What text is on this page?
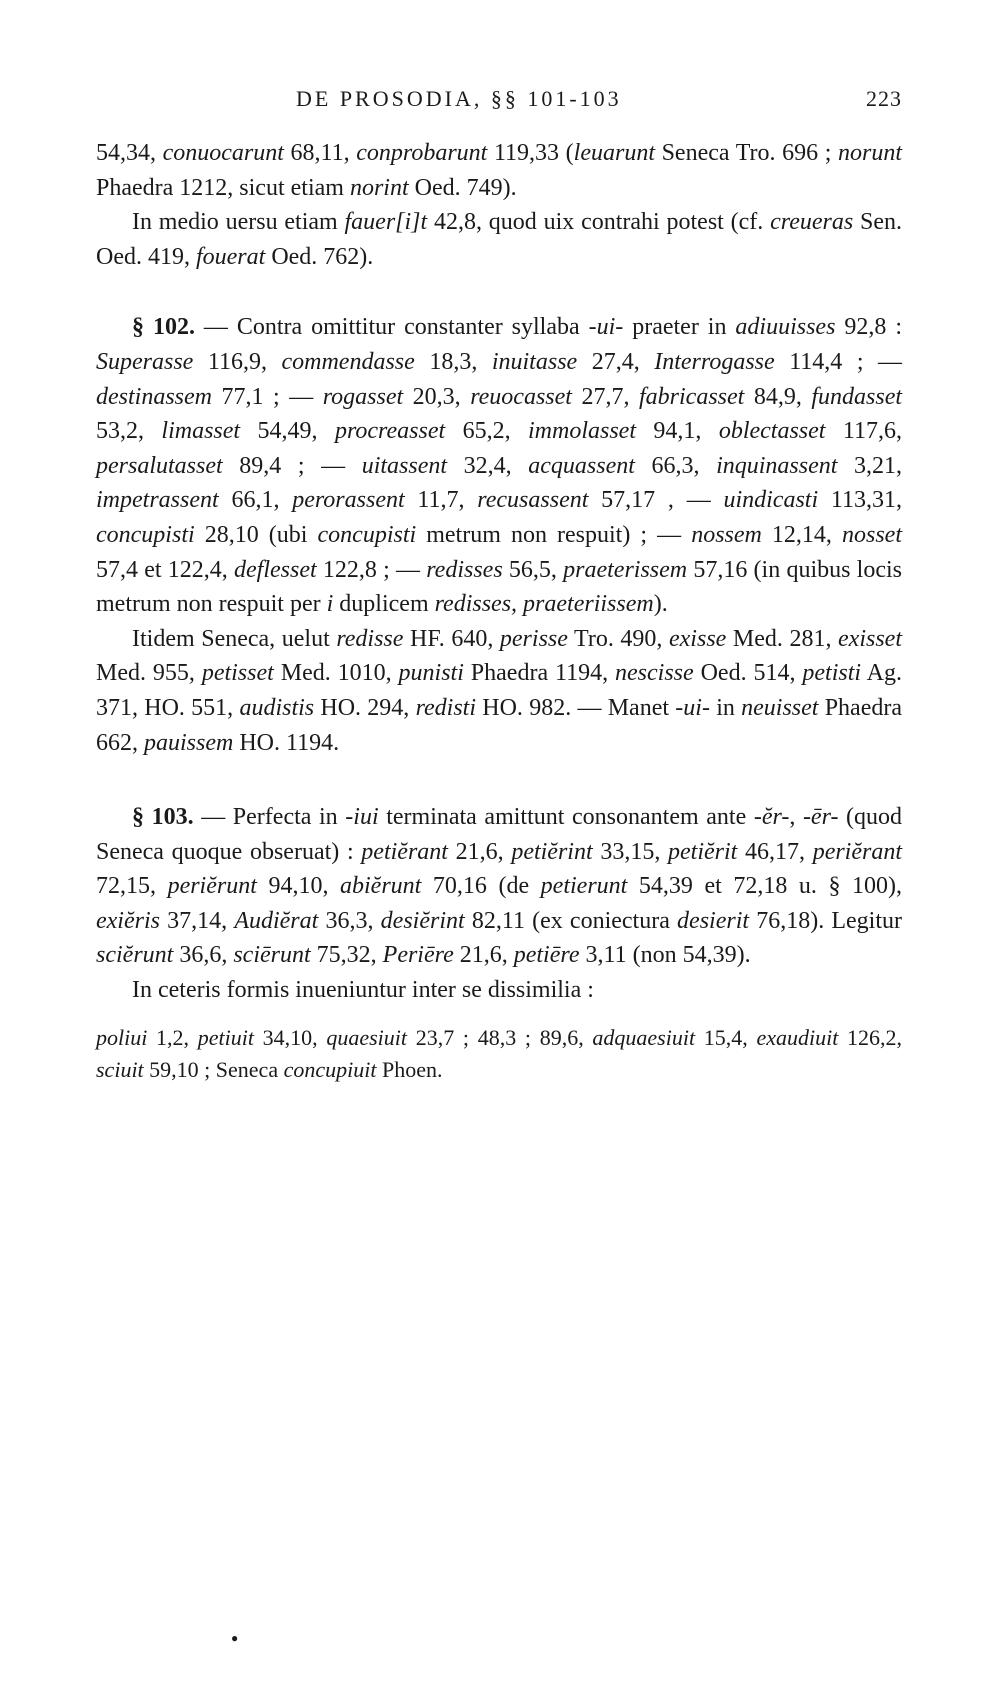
DE PROSODIA, §§ 101-103	223

54,34, conuocarunt 68,11, conprobarunt 119,33 (leuarunt Seneca Tro. 696 ; norunt Phaedra 1212, sicut etiam norint Oed. 749).

In medio uersu etiam fauer[i]t 42,8, quod uix contrahi potest (cf. creueras Sen. Oed. 419, fouerat Oed. 762).

§ 102. — Contra omittitur constanter syllaba -ui- praeter in adiuuisses 92,8 : Superasse 116,9, commendasse 18,3, inuitasse 27,4, Interrogasse 114,4 ; — destinassem 77,1 ; — rogasset 20,3, reuocasset 27,7, fabricasset 84,9, fundasset 53,2, limasset 54,49, procreasset 65,2, immolasset 94,1, oblectasset 117,6, persalutasset 89,4 ; — uitassent 32,4, acquassent 66,3, inquinassent 3,21, impetrassent 66,1, perorassent 11,7, recusassent 57,17 , — uindicasti 113,31, concupisti 28,10 (ubi concupisti metrum non respuit) ; — nossem 12,14, nosset 57,4 et 122,4, deflesset 122,8 ; — redisses 56,5, praeterissem 57,16 (in quibus locis metrum non respuit per i duplicem redisses, praeteriissem).

Itidem Seneca, uelut redisse HF. 640, perisse Tro. 490, exisse Med. 281, exisset Med. 955, petisset Med. 1010, punisti Phaedra 1194, nescisse Oed. 514, petisti Ag. 371, HO. 551, audistis HO. 294, redisti HO. 982. — Manet -ui- in neuisset Phaedra 662, pauissem HO. 1194.

§ 103. — Perfecta in -iui terminata amittunt consonantem ante -ĕr-, -ēr- (quod Seneca quoque obseruat) : petiĕrant 21,6, petiĕrint 33,15, petiĕrit 46,17, periĕrant 72,15, periĕrunt 94,10, abiĕrunt 70,16 (de petierunt 54,39 et 72,18 u. § 100), exiĕris 37,14, Audiĕrat 36,3, desiĕrint 82,11 (ex coniectura desierit 76,18). Legitur sciĕrunt 36,6, sciērunt 75,32, Periēre 21,6, petiēre 3,11 (non 54,39).

In ceteris formis inueniuntur inter se dissimilia :

poliui 1,2, petiuit 34,10, quaesiuit 23,7 ; 48,3 ; 89,6, adquaesiuit 15,4, exaudiuit 126,2, sciuit 59,10 ; Seneca concupiuit Phoen.

●
